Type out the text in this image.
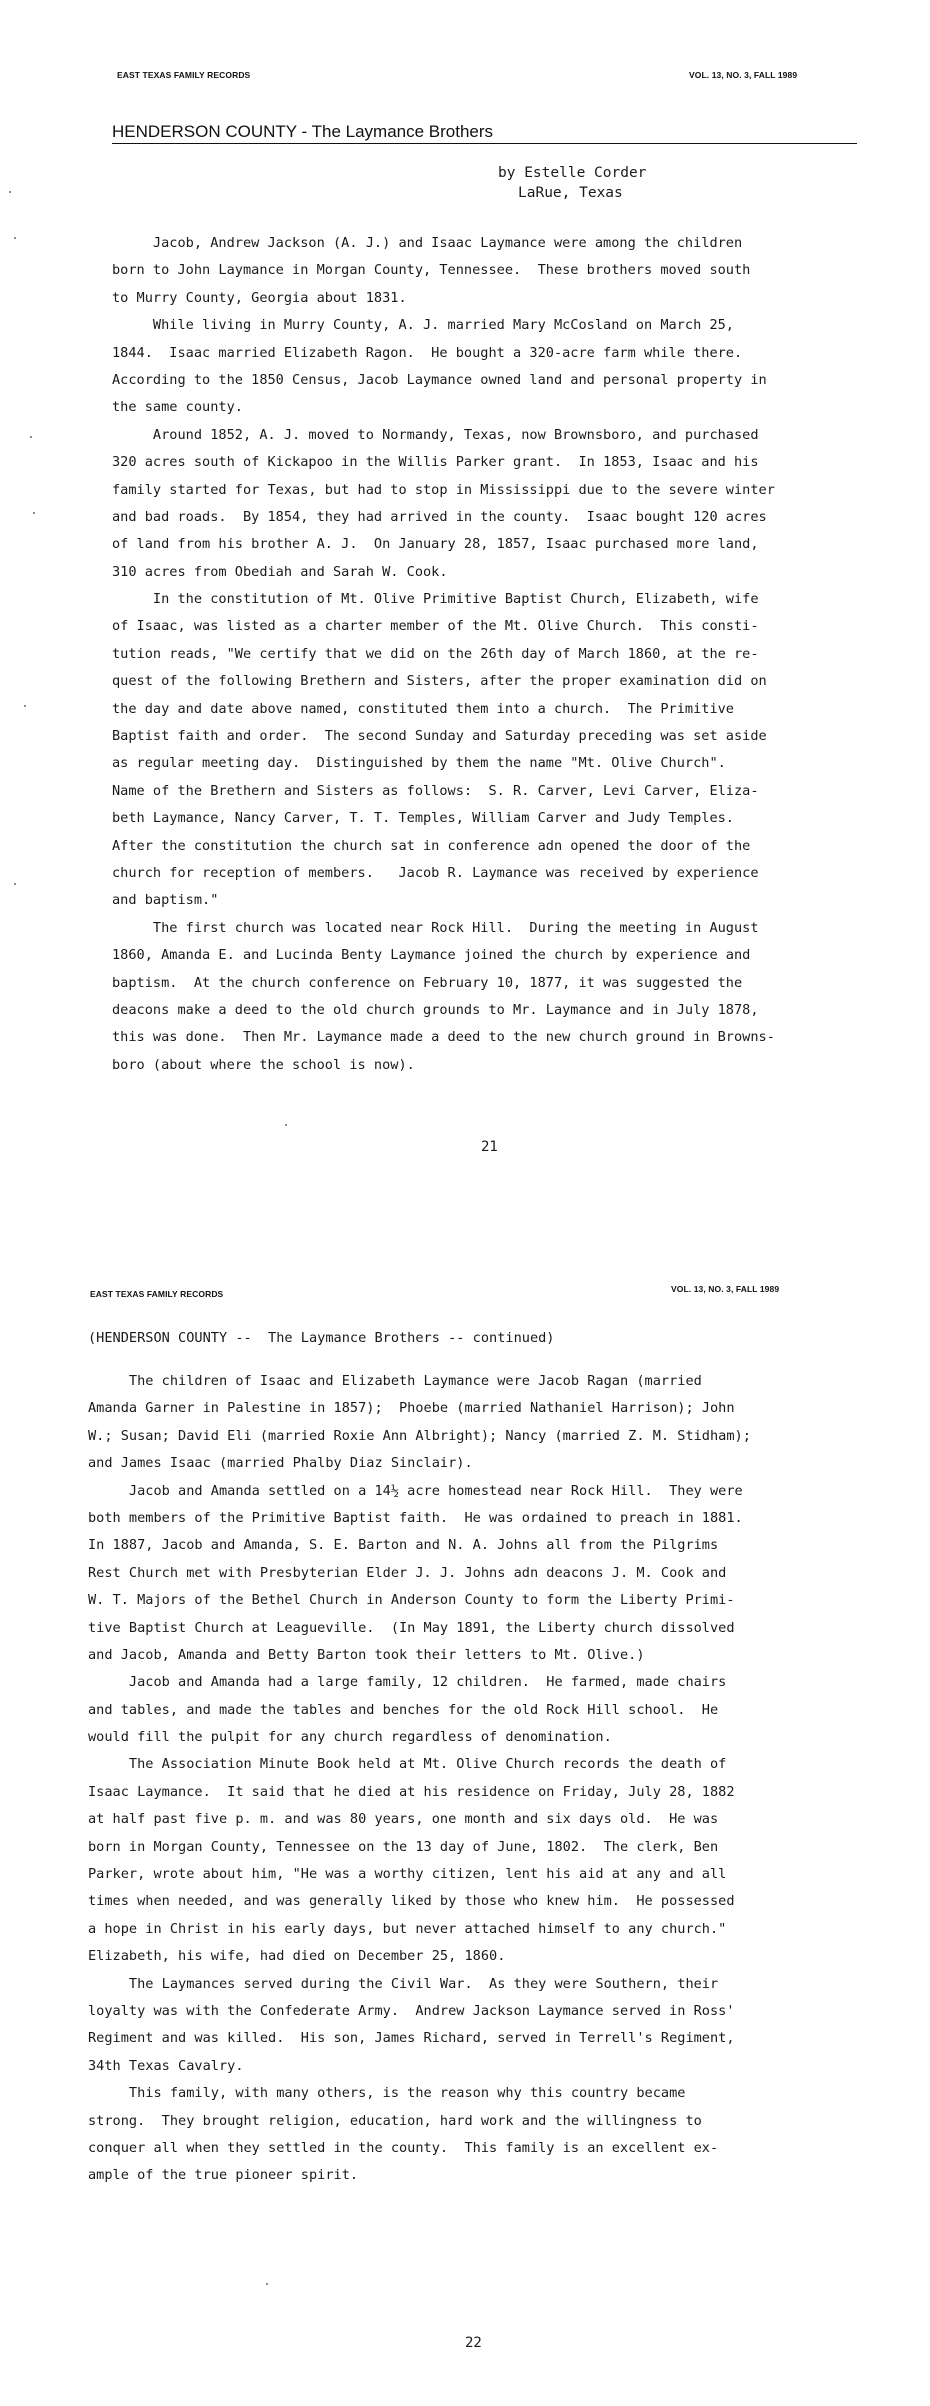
EAST TEXAS FAMILY RECORDS	VOL. 13, NO. 3, FALL 1989
HENDERSON COUNTY - The Laymance Brothers
by Estelle Corder
LaRue, Texas
Jacob, Andrew Jackson (A. J.) and Isaac Laymance were among the children
born to John Laymance in Morgan County, Tennessee.  These brothers moved south
to Murry County, Georgia about 1831.
While living in Murry County, A. J. married Mary McCosland on March 25,
1844.  Isaac married Elizabeth Ragon.  He bought a 320-acre farm while there.
According to the 1850 Census, Jacob Laymance owned land and personal property in
the same county.
Around 1852, A. J. moved to Normandy, Texas, now Brownsboro, and purchased
320 acres south of Kickapoo in the Willis Parker grant.  In 1853, Isaac and his
family started for Texas, but had to stop in Mississippi due to the severe winter
and bad roads.  By 1854, they had arrived in the county.  Isaac bought 120 acres
of land from his brother A. J.  On January 28, 1857, Isaac purchased more land,
310 acres from Obediah and Sarah W. Cook.
In the constitution of Mt. Olive Primitive Baptist Church, Elizabeth, wife
of Isaac, was listed as a charter member of the Mt. Olive Church.  This consti-
tution reads, "We certify that we did on the 26th day of March 1860, at the re-
quest of the following Brethern and Sisters, after the proper examination did on
the day and date above named, constituted them into a church.  The Primitive
Baptist faith and order.  The second Sunday and Saturday preceding was set aside
as regular meeting day.  Distinguished by them the name "Mt. Olive Church".
Name of the Brethern and Sisters as follows:  S. R. Carver, Levi Carver, Eliza-
beth Laymance, Nancy Carver, T. T. Temples, William Carver and Judy Temples.
After the constitution the church sat in conference adn opened the door of the
church for reception of members.   Jacob R. Laymance was received by experience
and baptism."
The first church was located near Rock Hill.  During the meeting in August
1860, Amanda E. and Lucinda Benty Laymance joined the church by experience and
baptism.  At the church conference on February 10, 1877, it was suggested the
deacons make a deed to the old church grounds to Mr. Laymance and in July 1878,
this was done.  Then Mr. Laymance made a deed to the new church ground in Browns-
boro (about where the school is now).
21
EAST TEXAS FAMILY RECORDS	VOL. 13, NO. 3, FALL 1989
(HENDERSON COUNTY --  The Laymance Brothers -- continued)
The children of Isaac and Elizabeth Laymance were Jacob Ragan (married
Amanda Garner in Palestine in 1857);  Phoebe (married Nathaniel Harrison); John
W.; Susan; David Eli (married Roxie Ann Albright); Nancy (married Z. M. Stidham);
and James Isaac (married Phalby Diaz Sinclair).
Jacob and Amanda settled on a 14½ acre homestead near Rock Hill.  They were
both members of the Primitive Baptist faith.  He was ordained to preach in 1881.
In 1887, Jacob and Amanda, S. E. Barton and N. A. Johns all from the Pilgrims
Rest Church met with Presbyterian Elder J. J. Johns adn deacons J. M. Cook and
W. T. Majors of the Bethel Church in Anderson County to form the Liberty Primi-
tive Baptist Church at Leagueville.  (In May 1891, the Liberty church dissolved
and Jacob, Amanda and Betty Barton took their letters to Mt. Olive.)
Jacob and Amanda had a large family, 12 children.  He farmed, made chairs
and tables, and made the tables and benches for the old Rock Hill school.  He
would fill the pulpit for any church regardless of denomination.
The Association Minute Book held at Mt. Olive Church records the death of
Isaac Laymance.  It said that he died at his residence on Friday, July 28, 1882
at half past five p. m. and was 80 years, one month and six days old.  He was
born in Morgan County, Tennessee on the 13 day of June, 1802.  The clerk, Ben
Parker, wrote about him, "He was a worthy citizen, lent his aid at any and all
times when needed, and was generally liked by those who knew him.  He possessed
a hope in Christ in his early days, but never attached himself to any church."
Elizabeth, his wife, had died on December 25, 1860.
The Laymances served during the Civil War.  As they were Southern, their
loyalty was with the Confederate Army.  Andrew Jackson Laymance served in Ross'
Regiment and was killed.  His son, James Richard, served in Terrell's Regiment,
34th Texas Cavalry.
This family, with many others, is the reason why this country became
strong.  They brought religion, education, hard work and the willingness to
conquer all when they settled in the county.  This family is an excellent ex-
ample of the true pioneer spirit.
22
